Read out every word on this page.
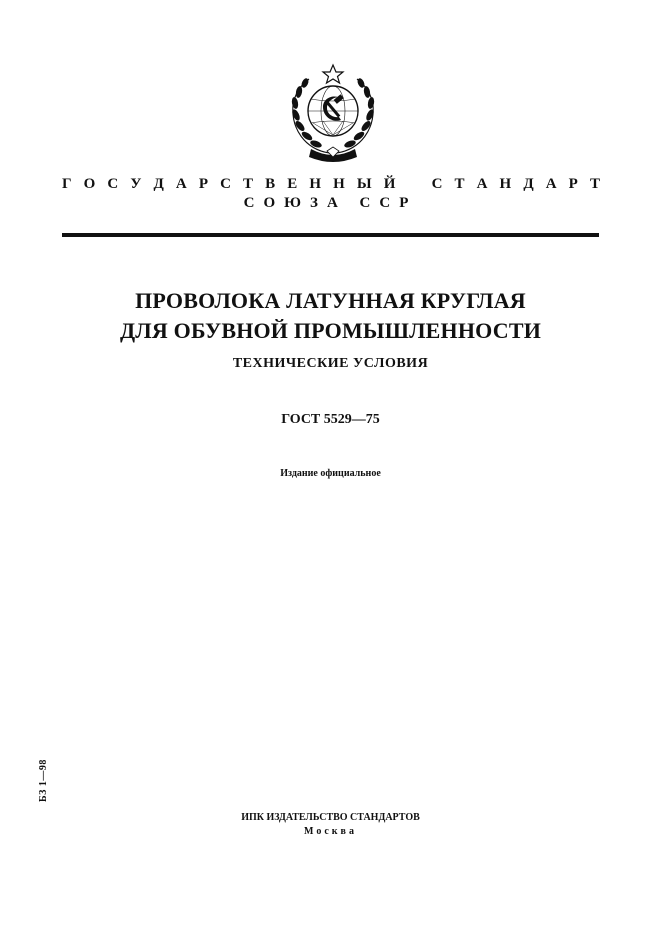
Г О С У Д А Р С Т В Е Н Н Ы Й С Т А Н Д А Р Т
СОЮЗА ССР
ПРОВОЛОКА ЛАТУННАЯ КРУГЛАЯ
ДЛЯ ОБУВНОЙ ПРОМЫШЛЕННОСТИ
ТЕХНИЧЕСКИЕ УСЛОВИЯ
ГОСТ 5529—75
Издание официальное
БЗ 1—98
ИПК ИЗДАТЕЛЬСТВО СТАНДАРТОВ
Москва
